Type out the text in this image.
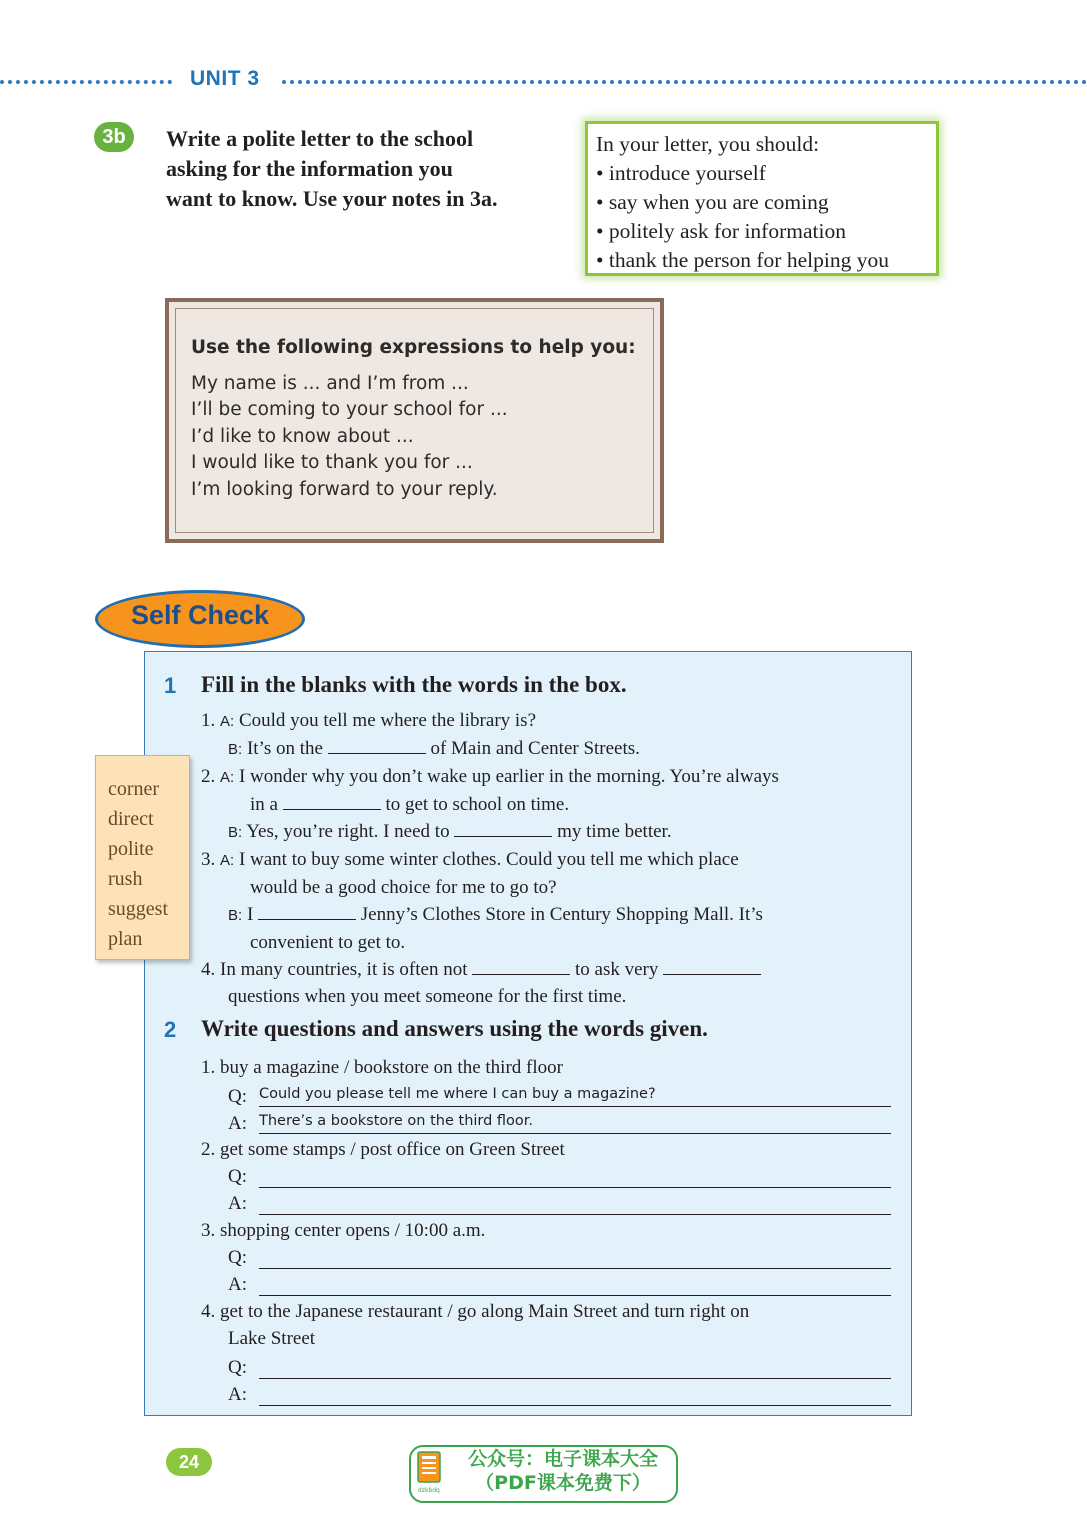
UNIT 3
3b	Write a polite letter to the school
asking for the information you
want to know. Use your notes in 3a.
In your letter, you should:
• introduce yourself
• say when you are coming
• politely ask for information
• thank the person for helping you
Use the following expressions to help you:
My name is ... and I’m from ...
I’ll be coming to your school for ...
I’d like to know about ...
I would like to thank you for ...
I’m looking forward to your reply.
Self Check
1 Fill in the blanks with the words in the box.
1. A: Could you tell me where the library is?
B: It’s on the	of Main and Center Streets.
2. A: I wonder why you don’t wake up earlier in the morning. You’re always
in a	to get to school on time.
B: Yes, you’re right. I need to	my time better.
3. A: I want to buy some winter clothes. Could you tell me which place
would be a good choice for me to go to?
B: I	Jenny’s Clothes Store in Century Shopping Mall. It’s
convenient to get to.
4. In many countries, it is often not	to ask very
questions when you meet someone for the first time.
corner
direct
polite
rush
suggest
plan
2 Write questions and answers using the words given.
1. buy a magazine / bookstore on the third floor
Q: Could you please tell me where I can buy a magazine?
A: There’s a bookstore on the third floor.
2. get some stamps / post office on Green Street
Q:
A:
3. shopping center opens / 10:00 a.m.
Q:
A:
4. get to the Japanese restaurant / go along Main Street and turn right on
Lake Street
Q:
A:
24
dzkbdq
公众号：电子课本大全
（PDF课本免费下）
